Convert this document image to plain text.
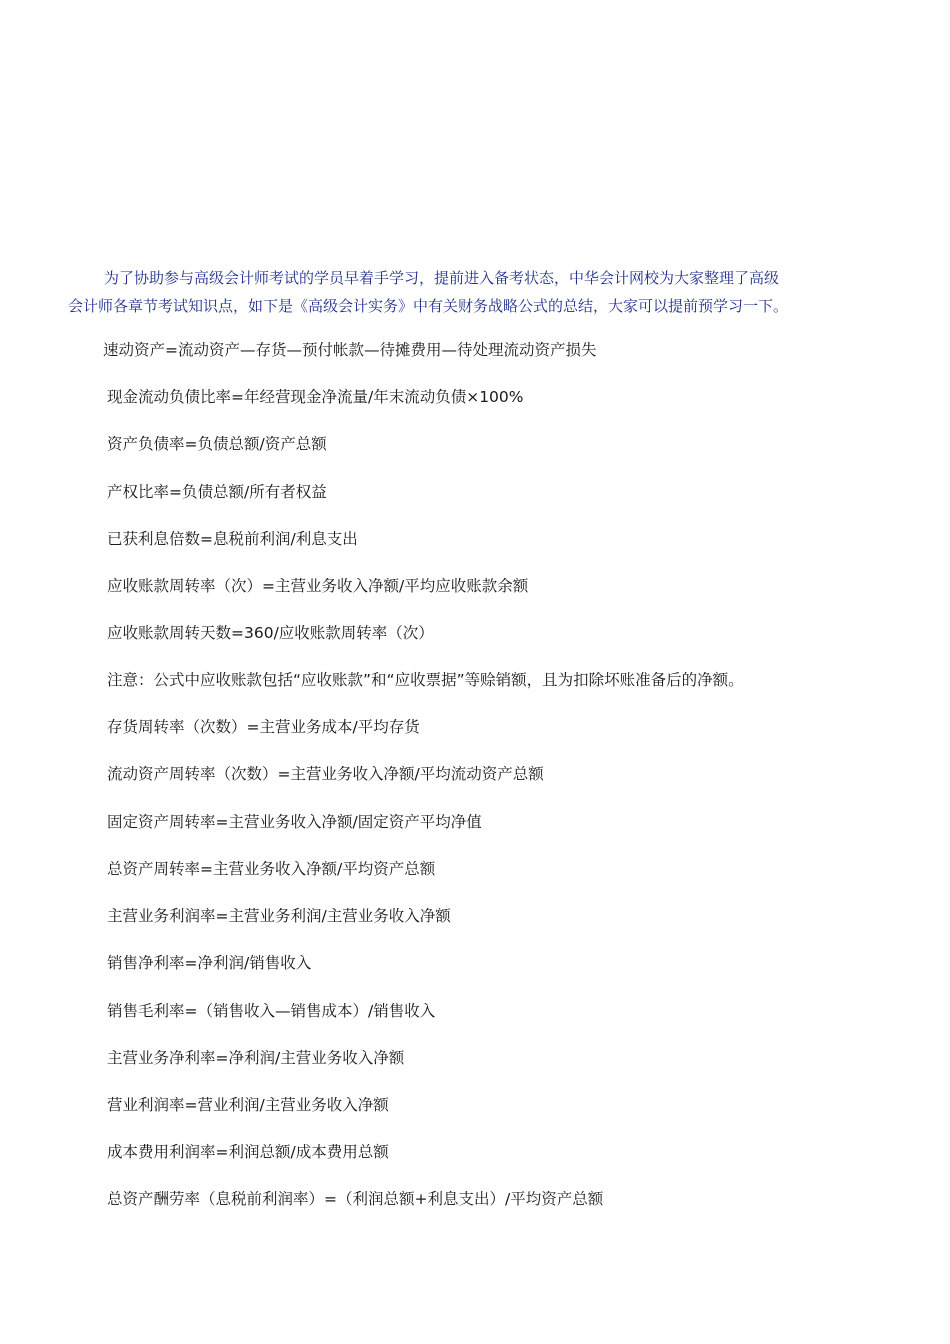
为了协助参与高级会计师考试的学员早着手学习，提前进入备考状态，中华会计网校为大家整理了高级
会计师各章节考试知识点，如下是《高级会计实务》中有关财务战略公式的总结，大家可以提前预学习一下。
速动资产=流动资产—存货—预付帐款—待摊费用—待处理流动资产损失
现金流动负债比率=年经营现金净流量/年末流动负债×100%
资产负债率=负债总额/资产总额
产权比率=负债总额/所有者权益
已获利息倍数=息税前利润/利息支出
应收账款周转率（次）=主营业务收入净额/平均应收账款余额
应收账款周转天数=360/应收账款周转率（次）
注意：公式中应收账款包括“应收账款”和“应收票据”等赊销额，且为扣除坏账准备后的净额。
存货周转率（次数）=主营业务成本/平均存货
流动资产周转率（次数）=主营业务收入净额/平均流动资产总额
固定资产周转率=主营业务收入净额/固定资产平均净值
总资产周转率=主营业务收入净额/平均资产总额
主营业务利润率=主营业务利润/主营业务收入净额
销售净利率=净利润/销售收入
销售毛利率=（销售收入—销售成本）/销售收入
主营业务净利率=净利润/主营业务收入净额
营业利润率=营业利润/主营业务收入净额
成本费用利润率=利润总额/成本费用总额
总资产酬劳率（息税前利润率）=（利润总额+利息支出）/平均资产总额
